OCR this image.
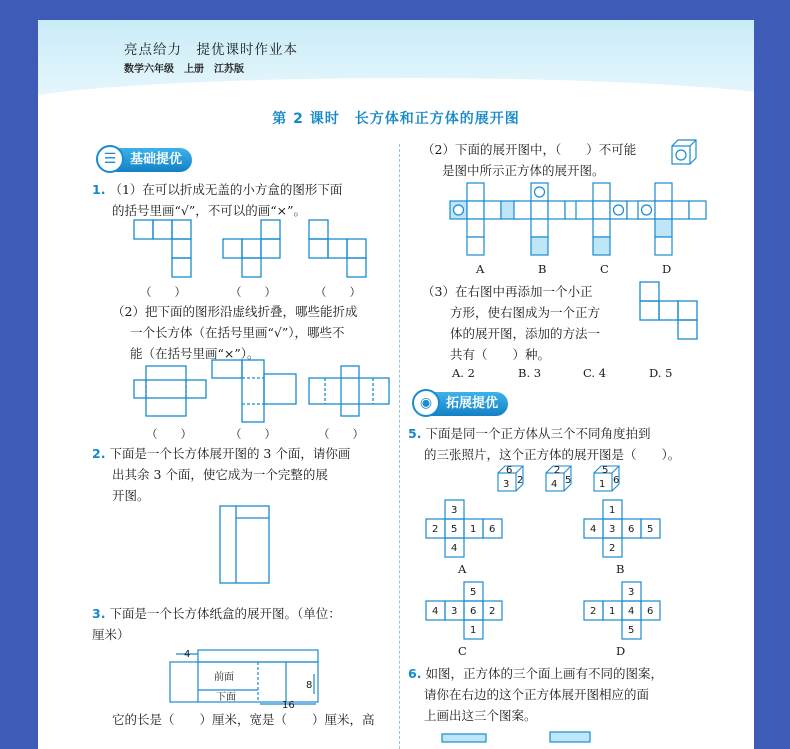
亮点给力　提优课时作业本
数学六年级　上册　江苏版
第 2 课时　长方体和正方体的展开图
☰	基础提优
1. （1）在可以折成无盖的小方盒的图形下面
的括号里画“√”，不可以的画“×”。
（　　）	（　　）	（　　）
（2）把下面的图形沿虚线折叠，哪些能折成
一个长方体（在括号里画“√”），哪些不
能（在括号里画“×”）。
（　　）	（　　）	（　　）
2. 下面是一个长方体展开图的 3 个面，请你画
出其余 3 个面，使它成为一个完整的展
开图。
3. 下面是一个长方体纸盒的展开图。（单位：
厘米）
4
8
16
前面
下面
它的长是（　　）厘米，宽是（　　）厘米，高
（2）下面的展开图中，（　　）不可能
是图中所示正方体的展开图。
A	B	C	D
（3）在右图中再添加一个小正
方形，使右图成为一个正方
体的展开图，添加的方法一
共有（　　）种。
A. 2	B. 3	C. 4	D. 5
◉	拓展提优
5. 下面是同一个正方体从三个不同角度拍到
的三张照片，这个正方体的展开图是（　　）。
6
3 2
2
4 5
5
1 6
3
2 5 1 6
4
1
4 3 6 5
2
A	B
5
4 3 6 2
1
3
2 1 4 6
5
C	D
6. 如图，正方体的三个面上画有不同的图案，
请你在右边的这个正方体展开图相应的面
上画出这三个图案。
